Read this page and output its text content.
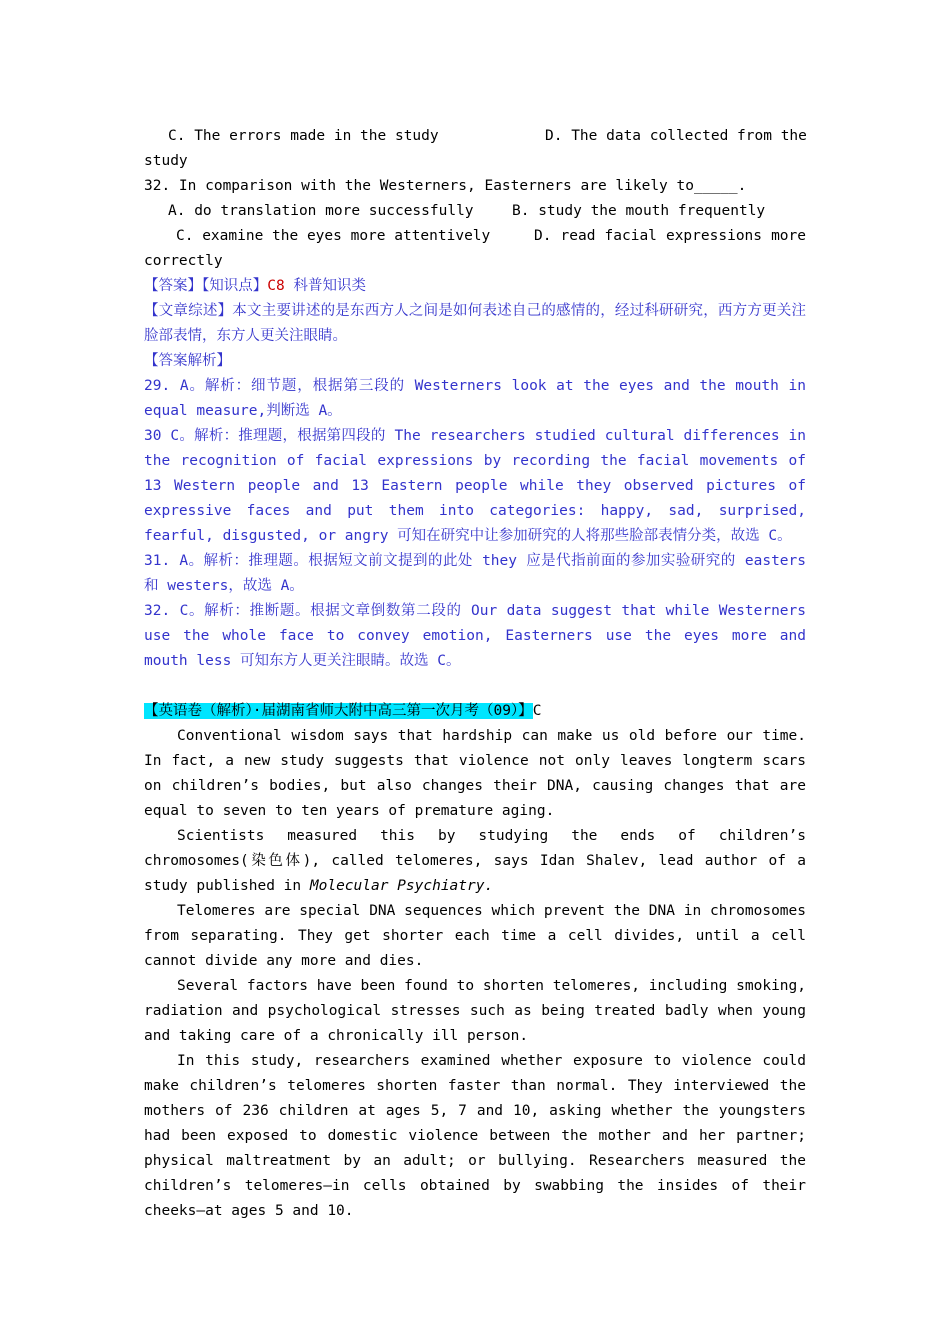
C. The errors made in the study	D. The data collected from the
study
32. In comparison with the Westerners, Easterners are likely to_____.
A. do translation more successfully	B. study the mouth frequently
C. examine the eyes more attentively	D. read facial expressions more
correctly
【答案】【知识点】C8 科普知识类

【文章综述】本文主要讲述的是东西方人之间是如何表述自己的感情的，经过科研研究，西方方更关注脸部表情，东方人更关注眼睛。

【答案解析】

29. A。解析：细节题，根据第三段的 Westerners look at the eyes and the mouth in equal measure,判断选 A。

30 C。解析：推理题，根据第四段的 The researchers studied cultural differences in the recognition of facial expressions by recording the facial movements of 13 Western people and 13 Eastern people while they observed pictures of expressive faces and put them into categories: happy, sad, surprised, fearful, disgusted, or angry 可知在研究中让参加研究的人将那些脸部表情分类，故选 C。

31. A。解析：推理题。根据短文前文提到的此处 they 应是代指前面的参加实验研究的 easters 和 westers，故选 A。

32. C。解析：推断题。根据文章倒数第二段的 Our data suggest that while Westerners use the whole face to convey emotion, Easterners use the eyes more and mouth less 可知东方人更关注眼睛。故选 C。

【英语卷（解析）·届湖南省师大附中高三第一次月考（09）】C

Conventional wisdom says that hardship can make us old before our time. In fact, a new study suggests that violence not only leaves longterm scars on children’s bodies, but also changes their DNA, causing changes that are equal to seven to ten years of premature aging.

Scientists measured this by studying the ends of children’s chromosomes(染色体), called telomeres, says Idan Shalev, lead author of a study published in Molecular Psychiatry.

Telomeres are special DNA sequences which prevent the DNA in chromosomes from separating. They get shorter each time a cell divides, until a cell cannot divide any more and dies.

Several factors have been found to shorten telomeres, including smoking, radiation and psychological stresses such as being treated badly when young and taking care of a chronically ill person.

In this study, researchers examined whether exposure to violence could make children’s telomeres shorten faster than normal. They interviewed the mothers of 236 children at ages 5, 7 and 10, asking whether the youngsters had been exposed to domestic violence between the mother and her partner; physical maltreatment by an adult; or bullying. Researchers measured the children’s telomeres—in cells obtained by swabbing the insides of their cheeks—at ages 5 and 10.
